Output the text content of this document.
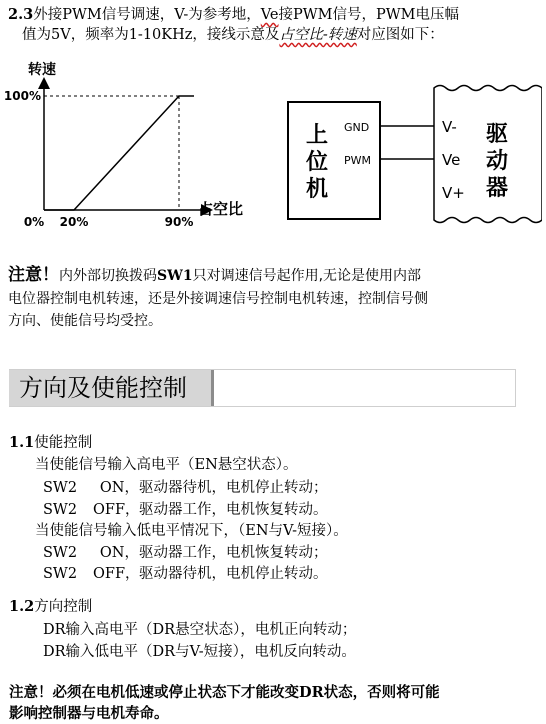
2.3外接PWM信号调速，V-为参考地，Ve接PWM信号，PWM电压幅
值为5V，频率为1-10KHz，接线示意及占空比-转速对应图如下：
转速
占空比
100%
0% 20%	90%
上
位
机
GND
PWM
V-
Ve
V+
驱
动
器
注意！内外部切换拨码SW1只对调速信号起作用,无论是使用内部
电位器控制电机转速，还是外接调速信号控制电机转速，控制信号侧
方向、使能信号均受控。
方向及使能控制
1.1使能控制
当使能信号输入高电平（EN悬空状态）。
SW2 ON，驱动器待机，电机停止转动；
SW2 OFF，驱动器工作，电机恢复转动。
当使能信号输入低电平情况下，（EN与V-短接）。
SW2 ON，驱动器工作，电机恢复转动；
SW2 OFF，驱动器待机，电机停止转动。
1.2方向控制
DR输入高电平（DR悬空状态），电机正向转动；
DR输入低电平（DR与V-短接），电机反向转动。
注意！必须在电机低速或停止状态下才能改变DR状态，否则将可能
影响控制器与电机寿命。
